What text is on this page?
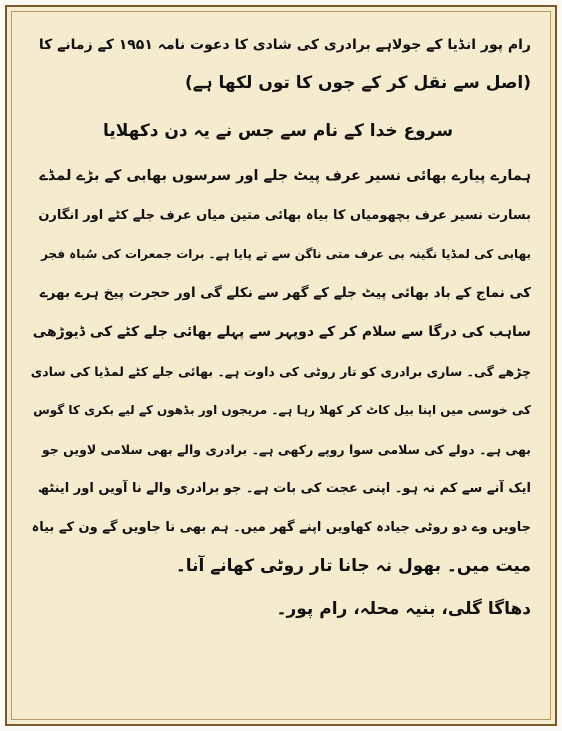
رام پور انڈیا کے جولاہے برادری کی شادی کا دعوت نامہ ۱۹۵۱ کے زمانے کا
(اصل سے نقل کر کے جوں کا توں لکھا ہے)
سروع خدا کے نام سے جس نے یہ دن دکھلایا
ہمارے پیارے بھائی نسیر عرف پیٹ جلے اور سرسوں بھابی کے بڑے لمڈے
بسارت نسیر عرف بچھومیاں کا بیاہ بھائی متین میاں عرف جلے کٹے اور انگارن
بھابی کی لمڈیا نگینہ بی عرف متی ناگن سے تے پایا ہے۔ برات جمعرات کی سُباہ فجر
کی نماج کے باد بھائی پیٹ جلے کے گھر سے نکلے گی اور حجرت پیخ ہرے بھرے
ساہب کی درگا سے سلام کر کے دوپہر سے پہلے بھائی جلے کٹے کی ڈیوڑھی
چڑھے گی۔ ساری برادری کو تار روٹی کی داوت ہے۔ بھائی جلے کٹے لمڈیا کی سادی
کی خوسی میں اپنا بیل کاٹ کر کھلا رہا ہے۔ مریجوں اور بڈھوں کے لیے بکری کا گوس
بھی ہے۔ دولے کی سلامی سوا روپے رکھی ہے۔ برادری والے بھی سلامی لاویں جو
ایک آنے سے کم نہ ہو۔ اپنی عجت کی بات ہے۔ جو برادری والے نا آویں اور اینٹھ
جاویں وے دو روٹی جیادہ کھاویں اپنے گھر میں۔ ہم بھی نا جاویں گے ون کے بیاہ
میت میں۔ بھول نہ جانا تار روٹی کھانے آنا۔
دھاگا گلی، بنیہ محلہ، رام پور۔
